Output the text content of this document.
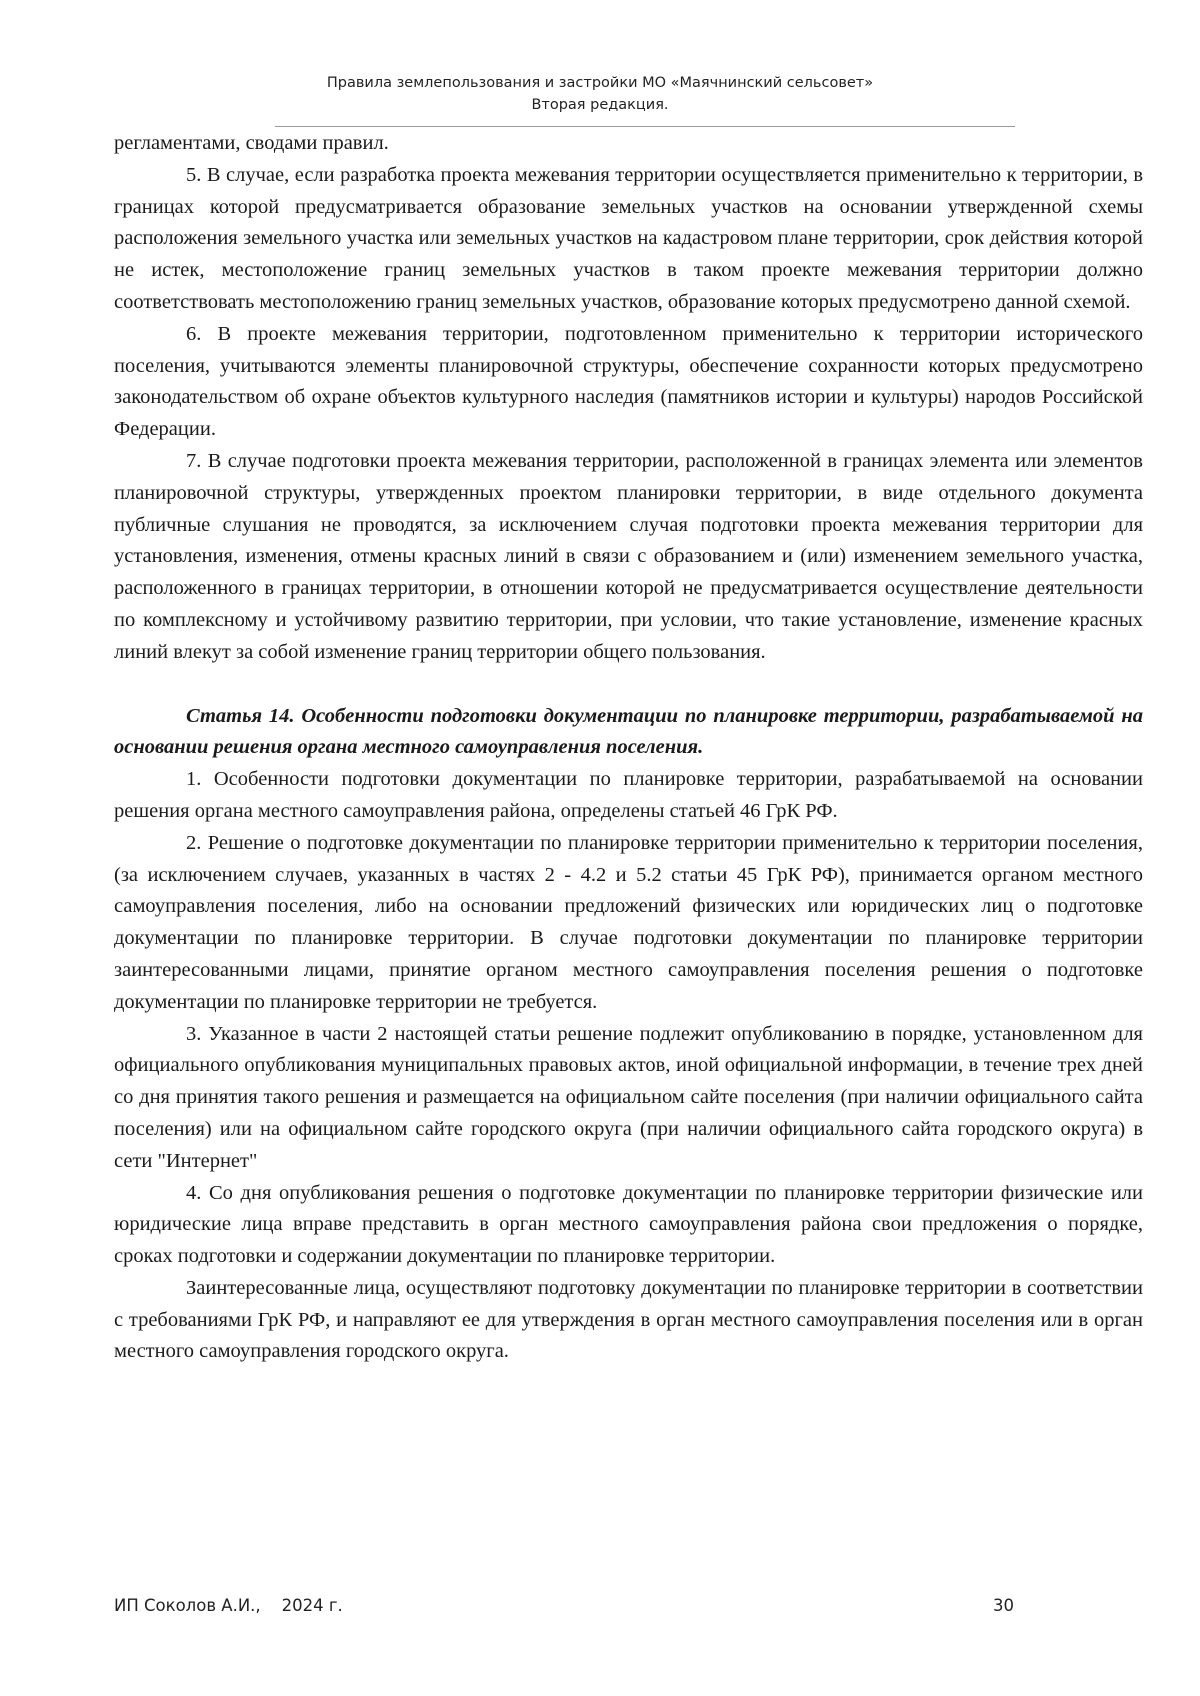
Правила землепользования и застройки МО «Маячнинский сельсовет»
Вторая редакция.

регламентами, сводами правил.

5. В случае, если разработка проекта межевания территории осуществляется применительно к территории, в границах которой предусматривается образование земельных участков на основании утвержденной схемы расположения земельного участка или земельных участков на кадастровом плане территории, срок действия которой не истек, местоположение границ земельных участков в таком проекте межевания территории должно соответствовать местоположению границ земельных участков, образование которых предусмотрено данной схемой.

6. В проекте межевания территории, подготовленном применительно к территории исторического поселения, учитываются элементы планировочной структуры, обеспечение сохранности которых предусмотрено законодательством об охране объектов культурного наследия (памятников истории и культуры) народов Российской Федерации.

7. В случае подготовки проекта межевания территории, расположенной в границах элемента или элементов планировочной структуры, утвержденных проектом планировки территории, в виде отдельного документа публичные слушания не проводятся, за исключением случая подготовки проекта межевания территории для установления, изменения, отмены красных линий в связи с образованием и (или) изменением земельного участка, расположенного в границах территории, в отношении которой не предусматривается осуществление деятельности по комплексному и устойчивому развитию территории, при условии, что такие установление, изменение красных линий влекут за собой изменение границ территории общего пользования.

Статья 14. Особенности подготовки документации по планировке территории, разрабатываемой на основании решения органа местного самоуправления поселения.

1. Особенности подготовки документации по планировке территории, разрабатываемой на основании решения органа местного самоуправления района, определены статьей 46 ГрК РФ.

2. Решение о подготовке документации по планировке территории применительно к территории поселения, (за исключением случаев, указанных в частях 2 - 4.2 и 5.2 статьи 45 ГрК РФ), принимается органом местного самоуправления поселения, либо на основании предложений физических или юридических лиц о подготовке документации по планировке территории. В случае подготовки документации по планировке территории заинтересованными лицами, принятие органом местного самоуправления поселения решения о подготовке документации по планировке территории не требуется.

3. Указанное в части 2 настоящей статьи решение подлежит опубликованию в порядке, установленном для официального опубликования муниципальных правовых актов, иной официальной информации, в течение трех дней со дня принятия такого решения и размещается на официальном сайте поселения (при наличии официального сайта поселения) или на официальном сайте городского округа (при наличии официального сайта городского округа) в сети "Интернет"

4. Со дня опубликования решения о подготовке документации по планировке территории физические или юридические лица вправе представить в орган местного самоуправления района свои предложения о порядке, сроках подготовки и содержании документации по планировке территории.

Заинтересованные лица, осуществляют подготовку документации по планировке территории в соответствии с требованиями ГрК РФ, и направляют ее для утверждения в орган местного самоуправления поселения или в орган местного самоуправления городского округа.

ИП Соколов А.И.,    2024 г.	30
